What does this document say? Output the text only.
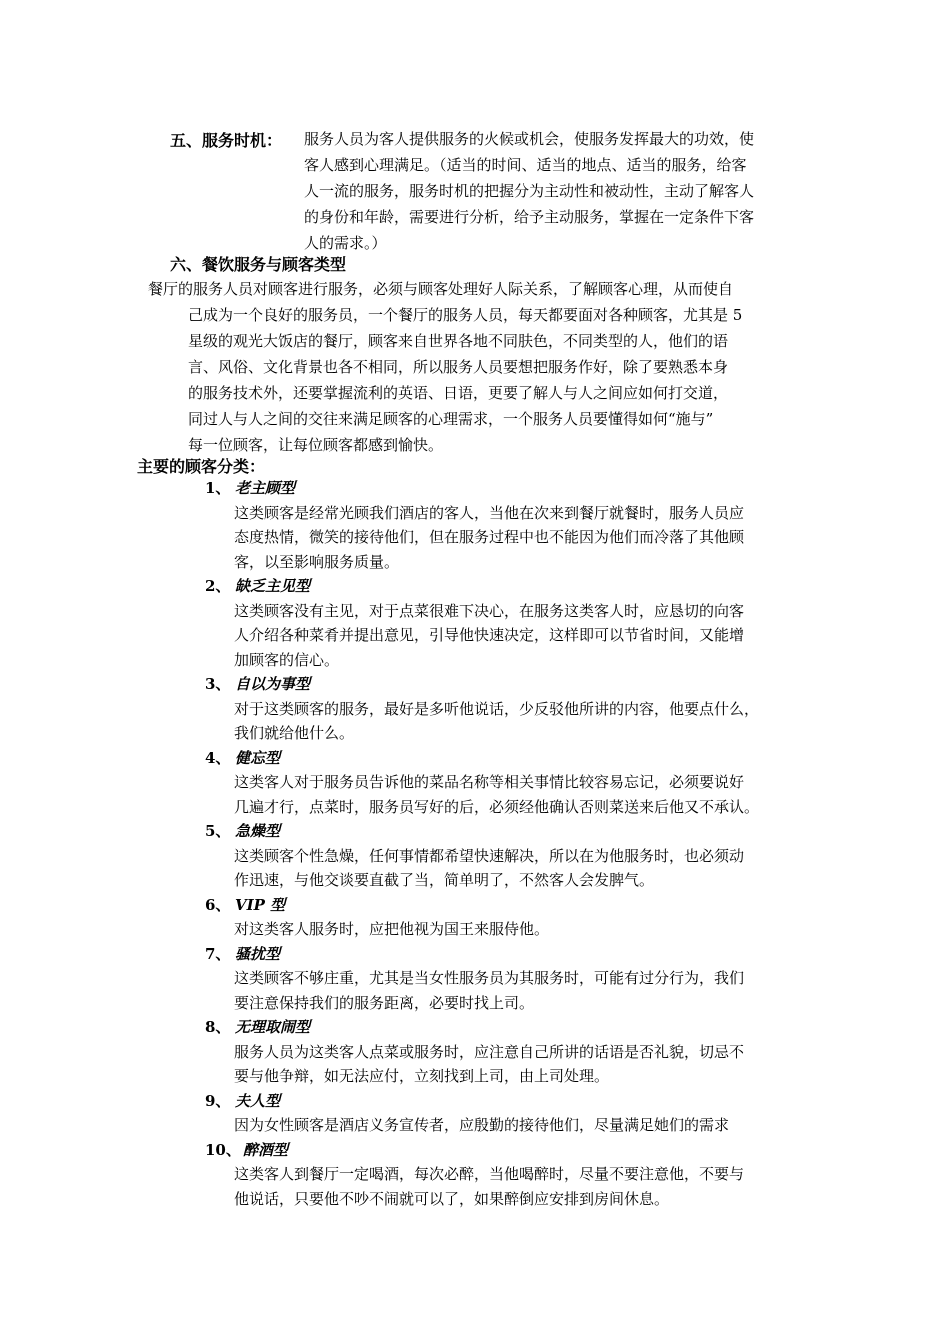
五、服务时机： 服务人员为客人提供服务的火候或机会，使服务发挥最大的功效，使
客人感到心理满足。（适当的时间、适当的地点、适当的服务，给客
人一流的服务，服务时机的把握分为主动性和被动性，主动了解客人
的身份和年龄，需要进行分析，给予主动服务，掌握在一定条件下客
人的需求。）
六、餐饮服务与顾客类型
餐厅的服务人员对顾客进行服务，必须与顾客处理好人际关系，了解顾客心理，从而使自
己成为一个良好的服务员，一个餐厅的服务人员，每天都要面对各种顾客，尤其是 5
星级的观光大饭店的餐厅，顾客来自世界各地不同肤色，不同类型的人，他们的语
言、风俗、文化背景也各不相同，所以服务人员要想把服务作好，除了要熟悉本身
的服务技术外，还要掌握流利的英语、日语，更要了解人与人之间应如何打交道，
同过人与人之间的交往来满足顾客的心理需求，一个服务人员要懂得如何“施与”
每一位顾客，让每位顾客都感到愉快。
主要的顾客分类：
1、 老主顾型
这类顾客是经常光顾我们酒店的客人，当他在次来到餐厅就餐时，服务人员应
态度热情，微笑的接待他们，但在服务过程中也不能因为他们而冷落了其他顾
客，以至影响服务质量。
2、 缺乏主见型
这类顾客没有主见，对于点菜很难下决心，在服务这类客人时，应恳切的向客
人介绍各种菜肴并提出意见，引导他快速决定，这样即可以节省时间，又能增
加顾客的信心。
3、 自以为事型
对于这类顾客的服务，最好是多听他说话，少反驳他所讲的内容，他要点什么，
我们就给他什么。
4、 健忘型
这类客人对于服务员告诉他的菜品名称等相关事情比较容易忘记，必须要说好
几遍才行，点菜时，服务员写好的后，必须经他确认否则菜送来后他又不承认。
5、 急燥型
这类顾客个性急燥，任何事情都希望快速解决，所以在为他服务时，也必须动
作迅速，与他交谈要直截了当，简单明了，不然客人会发脾气。
6、 VIP 型
对这类客人服务时，应把他视为国王来服侍他。
7、 骚扰型
这类顾客不够庄重，尤其是当女性服务员为其服务时，可能有过分行为，我们
要注意保持我们的服务距离，必要时找上司。
8、 无理取闹型
服务人员为这类客人点菜或服务时，应注意自己所讲的话语是否礼貌，切忌不
要与他争辩，如无法应付，立刻找到上司，由上司处理。
9、 夫人型
因为女性顾客是酒店义务宣传者，应殷勤的接待他们，尽量满足她们的需求
10、 醉酒型
这类客人到餐厅一定喝酒，每次必醉，当他喝醉时，尽量不要注意他，不要与
他说话，只要他不吵不闹就可以了，如果醉倒应安排到房间休息。
